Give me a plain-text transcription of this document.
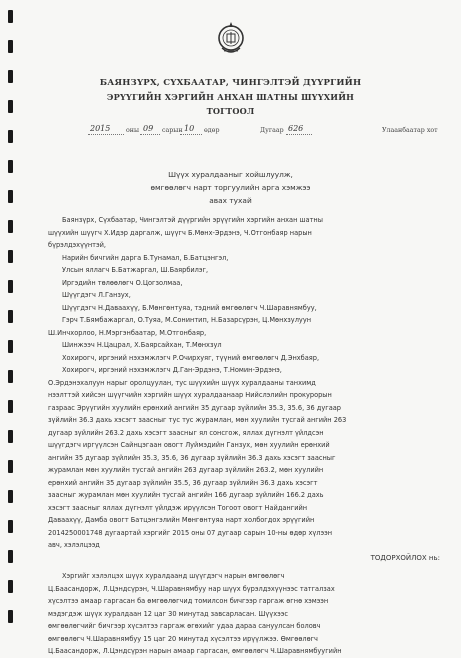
БАЯНЗҮРХ, СҮХБААТАР, ЧИНГЭЛТЭЙ ДҮҮРГИЙН
ЭРҮҮГИЙН ХЭРГИЙН АНХАН ШАТНЫ ШҮҮХИЙН
ТОГТООЛ
2015 оны 09 сарын 10 өдөр	Дугаар 626	Улаанбаатар хот
Шүүх хуралдааныг хойшлуулж,
өмгөөлөгч нарт торгуулийн арга хэмжээ
авах тухай
Баянзүрх, Сүхбаатар, Чингэлтэй дүүргийн эрүүгийн хэргийн анхан шатны
шүүхийн шүүгч Х.Идэр даргалж, шүүгч Б.Мөнх-Эрдэнэ, Ч.Отгонбаяр нарын
бүрэлдэхүүнтэй,
Нарийн бичгийн дарга Б.Тунамал, Б.Батцэнгэл,
Улсын яллагч Б.Батжаргал, Ш.Баярбилэг,
Иргэдийн төлөөлөгч О.Цогзолмаа,
Шүүгдэгч Л.Ганзух,
Шүүгдэгч Н.Даваахүү, Б.Мөнгөнтуяа, тэдний өмгөөлөгч Ч.Шаравнямбуу,
Гэрч Т.Бямбажаргал, О.Туяа, М.Сонинтип, Н.Базарсүрэн, Ц.Мөнхзулуун
Ш.Инчхорлоо, Н.Мэргэнбаатар, М.Отгонбаяр,
Шинжээч Н.Цацрал, Х.Баярсайхан, Т.Мөнхзул
Хохирогч, иргэний нэхэмжлэгч Р.Очирхуяг, түүний өмгөөлөгч Д.Энхбаяр,
Хохирогч, иргэний нэхэмжлэгч Д.Ган-Эрдэнэ, Т.Номин-Эрдэнэ,
О.Эрдэнэхалуун нарыг оролцуулан, тус шүүхийн шүүх хуралдааны танхимд
нээлттэй хийсэн шүүгчийн хэргийн шүүх хуралдаанаар Нийслэлийн прокурорын
газраас Эрүүгийн хуулийн ерөнхий ангийн 35 дугаар зүйлийн 35.3, 35.6, 36 дугаар
зүйлийн 36.3 дахь хэсэгт заасныг тус тус журамлан, мөн хуулийн тусгай ангийн 263
дугаар зүйлийн 263.2 дахь хэсэгт заасныг ял сонсгож, яллах дүгнэлт үйлдсэн
шүүгдэгч иргүүлсэн Сайнцэгаан овогт Луймэдийн Ганзух, мөн хуулийн ерөнхий
ангийн 35 дугаар зүйлийн 35.3, 35.6, 36 дугаар зүйлийн 36.3 дахь хэсэгт заасныг
журамлан мөн хуулийн тусгай ангийн 263 дугаар зүйлийн 263.2, мөн хуулийн
ерөнхий ангийн 35 дугаар зүйлийн 35.5, 36 дугаар зүйлийн 36.3 дахь хэсэгт
заасныг журамлан мөн хуулийн тусгай ангийн 166 дугаар зүйлийн 166.2 дахь
хэсэгт заасныг яллах дүгнэлт үйлдэж ирүүлсэн Тогоот овогт Найдангийн
Даваахүү, Дамба овогт Батцэнгэлийн Мөнгөнтуяа нарт холбогдох эрүүгийн
2014250001748 дугаартай хэргийг 2015 оны 07 дугаар сарын 10-ны өдөр хүлээн
авч, хэлэлцээд
ТОДОРХОЙЛОХ нь:
Хэргийг хэлэлцэх шүүх хуралдаанд шүүгдэгч нарын өмгөөлөгч
Ц.Баасандорж, Л.Цэндсүрэн, Ч.Шаравнямбуу нар шүүх бүрэлдэхүүнээс татгалзах
хүсэлтээ амаар гаргасан ба өмгөөлөгчид томилсон бичгээр гаргаж өгнө хэмээн
мэдэгдэж шүүх хуралдаан 12 цаг 30 минутад завсарласан. Шүүхээс
өмгөөлөгчийг бичгээр хүсэлтээ гаргаж өгөхийг удаа дараа сануулсан боловч
өмгөөлөгч Ч.Шаравнямбуу 15 цаг 20 минутад хүсэлтээ ирүүлжээ. Өмгөөлөгч
Ц.Баасандорж, Л.Цэндсүрэн нарын амаар гаргасан, өмгөөлөгч Ч.Шаравнямбуугийн
